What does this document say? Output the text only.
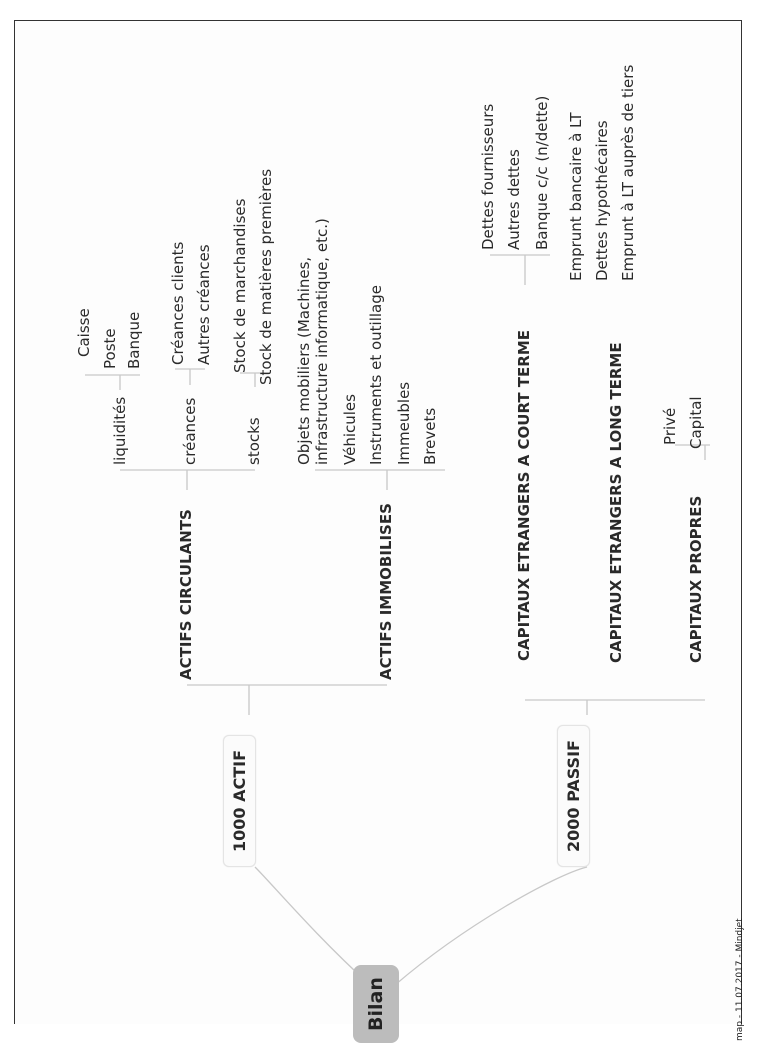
Bilan
1000 ACTIF
ACTIFS CIRCULANTS
liquidités
Caisse Poste Banque
créances
Créances clients Autres créances
stocks
Stock de marchandises Stock de matières premières
ACTIFS IMMOBILISES
Objets mobiliers (Machines, infrastructure informatique, etc.) Véhicules Instruments et outillage Immeubles Brevets
2000 PASSIF
CAPITAUX ETRANGERS A COURT TERME
Dettes fournisseurs Autres dettes Banque c/c (n/dette)
CAPITAUX ETRANGERS A LONG TERME
Emprunt bancaire à LT Dettes hypothécaires Emprunt à LT auprès de tiers
CAPITAUX PROPRES
Privé Capital
map - 11.07.2017 - Mindjet
